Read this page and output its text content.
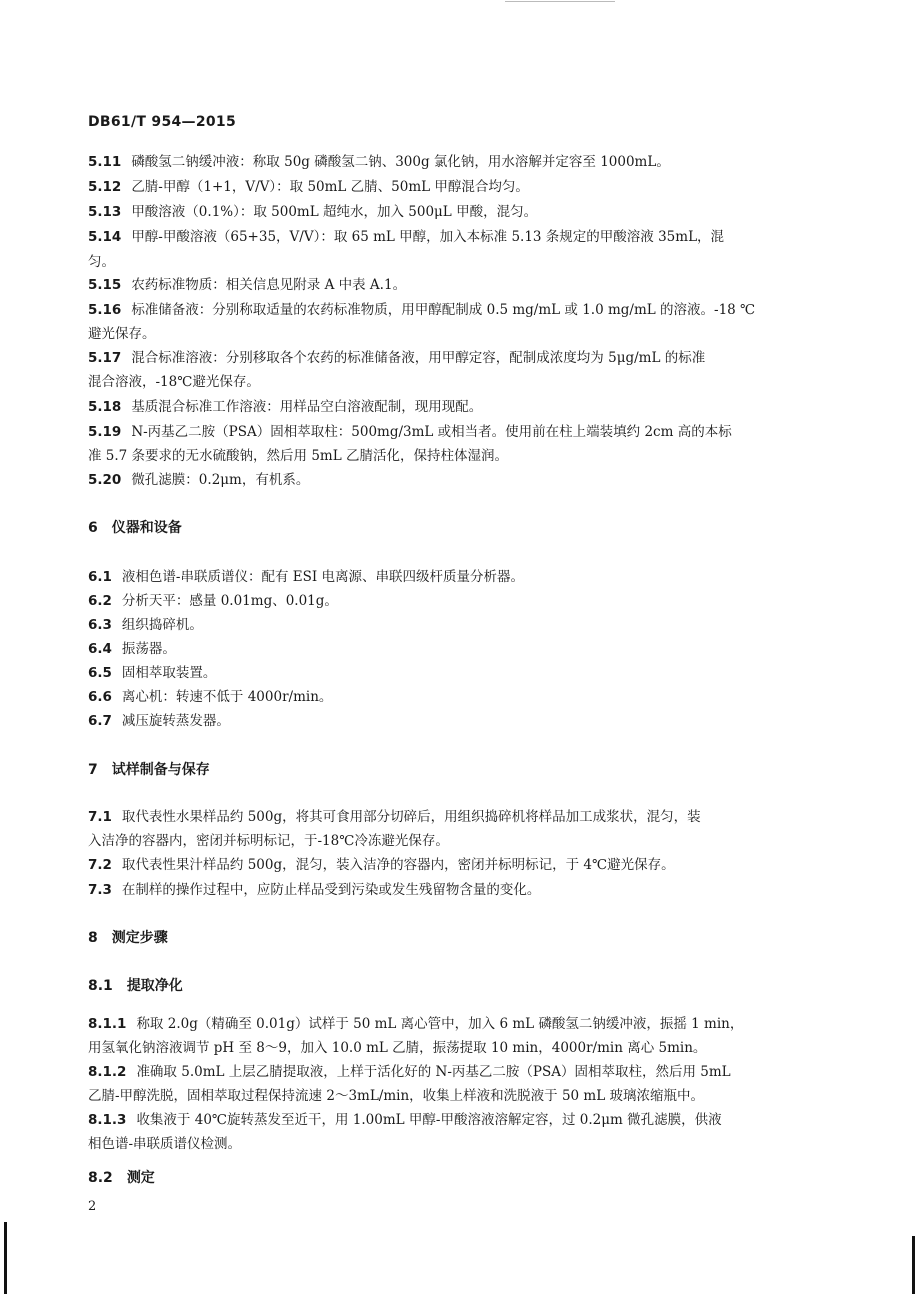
DB61/T 954—2015
5.11 磷酸氢二钠缓冲液：称取 50g 磷酸氢二钠、300g 氯化钠，用水溶解并定容至 1000mL。
5.12 乙腈-甲醇（1+1，V/V）：取 50mL 乙腈、50mL 甲醇混合均匀。
5.13 甲酸溶液（0.1%）：取 500mL 超纯水，加入 500μL 甲酸，混匀。
5.14 甲醇-甲酸溶液（65+35，V/V）：取 65 mL 甲醇，加入本标准 5.13 条规定的甲酸溶液 35mL，混
匀。
5.15 农药标准物质：相关信息见附录 A 中表 A.1。
5.16 标准储备液：分别称取适量的农药标准物质，用甲醇配制成 0.5 mg/mL 或 1.0 mg/mL 的溶液。-18 ℃
避光保存。
5.17 混合标准溶液：分别移取各个农药的标准储备液，用甲醇定容，配制成浓度均为 5μg/mL 的标准
混合溶液，-18℃避光保存。
5.18 基质混合标准工作溶液：用样品空白溶液配制，现用现配。
5.19 N-丙基乙二胺（PSA）固相萃取柱：500mg/3mL 或相当者。使用前在柱上端装填约 2cm 高的本标
准 5.7 条要求的无水硫酸钠，然后用 5mL 乙腈活化，保持柱体湿润。
5.20 微孔滤膜：0.2μm，有机系。
6 仪器和设备
6.1 液相色谱-串联质谱仪：配有 ESI 电离源、串联四级杆质量分析器。
6.2 分析天平：感量 0.01mg、0.01g。
6.3 组织捣碎机。
6.4 振荡器。
6.5 固相萃取装置。
6.6 离心机：转速不低于 4000r/min。
6.7 减压旋转蒸发器。
7 试样制备与保存
7.1 取代表性水果样品约 500g，将其可食用部分切碎后，用组织捣碎机将样品加工成浆状，混匀，装
入洁净的容器内，密闭并标明标记，于-18℃冷冻避光保存。
7.2 取代表性果汁样品约 500g，混匀，装入洁净的容器内，密闭并标明标记，于 4℃避光保存。
7.3 在制样的操作过程中，应防止样品受到污染或发生残留物含量的变化。
8 测定步骤
8.1 提取净化
8.1.1 称取 2.0g（精确至 0.01g）试样于 50 mL 离心管中，加入 6 mL 磷酸氢二钠缓冲液，振摇 1 min，
用氢氧化钠溶液调节 pH 至 8～9，加入 10.0 mL 乙腈，振荡提取 10 min，4000r/min 离心 5min。
8.1.2 准确取 5.0mL 上层乙腈提取液，上样于活化好的 N-丙基乙二胺（PSA）固相萃取柱，然后用 5mL
乙腈-甲醇洗脱，固相萃取过程保持流速 2～3mL/min，收集上样液和洗脱液于 50 mL 玻璃浓缩瓶中。
8.1.3 收集液于 40℃旋转蒸发至近干，用 1.00mL 甲醇-甲酸溶液溶解定容，过 0.2μm 微孔滤膜，供液
相色谱-串联质谱仪检测。
8.2 测定
2
